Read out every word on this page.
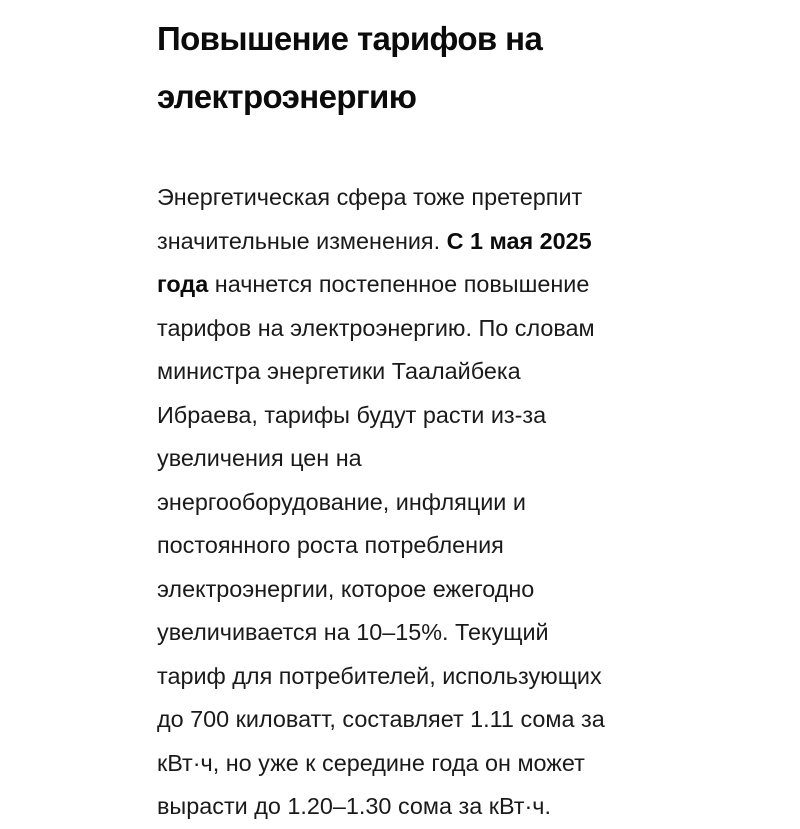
Повышение тарифов на
электроэнергию

Энергетическая сфера тоже претерпит
значительные изменения. С 1 мая 2025
года начнется постепенное повышение
тарифов на электроэнергию. По словам
министра энергетики Таалайбека
Ибраева, тарифы будут расти из-за
увеличения цен на
энергооборудование, инфляции и
постоянного роста потребления
электроэнергии, которое ежегодно
увеличивается на 10–15%. Текущий
тариф для потребителей, использующих
до 700 киловатт, составляет 1.11 сома за
кВт·ч, но уже к середине года он может
вырасти до 1.20–1.30 сома за кВт·ч.
